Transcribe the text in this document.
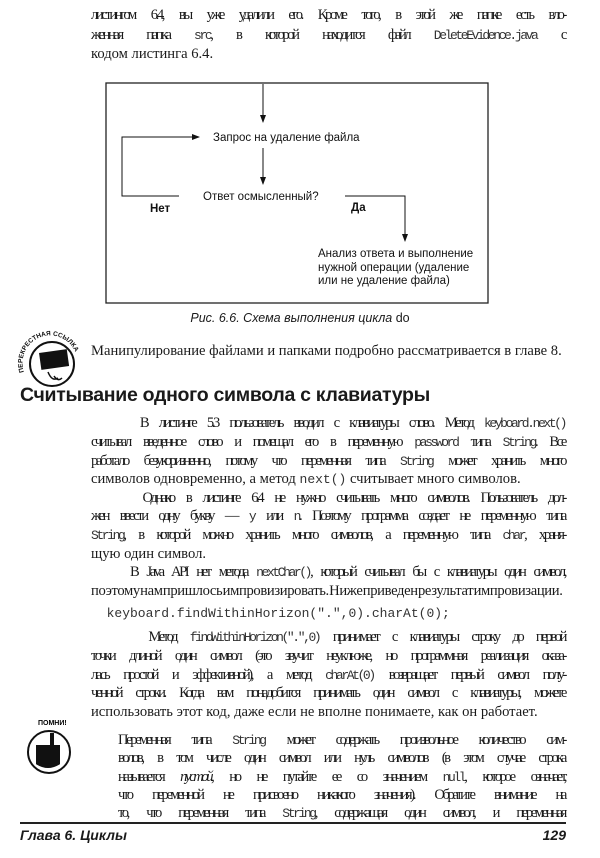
листингом 6.4, вы уже удалили его. Кроме того, в этой же папке есть вло-
женная папка src, в которой находится файл DeleteEvidence.java с
кодом листинга 6.4.
Запрос на удаление файла
Ответ осмысленный?
Нет	Да
Анализ ответа и выполнение
нужной операции (удаление
или не удаление файла)
Рис. 6.6. Схема выполнения цикла do
ПЕРЕКРЕСТНАЯ ССЫЛКА Манипулирование файлами и папками подробно рассматривается в главе 8.
Считывание одного символа с клавиатуры
В листинге 5.3 пользователь вводил с клавиатуры слово. Метод keyboard.next()
считывал введенное слово и помещал его в переменную password типа String. Все
работало безукоризненно, потому что переменная типа String может хранить много
символов одновременно, а метод next() считывает много символов.
Однако в листинге 6.4 не нужно считывать много символов. Пользователь дол-
жен ввести одну букву — y или n. Поэтому программа создает не переменную типа
String, в которой можно хранить много символов, а переменную типа char, храня-
щую один символ.
В Java API нет метода nextChar(), который считывал бы с клавиатуры один символ,
поэтому нам пришлось импровизировать. Ниже приведен результат импровизации.
keyboard.findWithinHorizon(".",0).charAt(0);
Метод findWithinHorizon(".",0) принимает с клавиатуры строку до первой
точки длиной один символ (это звучит неуклюже, но программная реализация оказа-
лась простой и эффективной), а метод charAt(0) возвращает первый символ полу-
ченной строки. Когда вам понадобится принимать один символ с клавиатуры, можете
использовать этот код, даже если не вполне понимаете, как он работает.
ПОМНИ!
Переменная типа String может содержать произвольное количество сим-
волов, в том числе один символ или нуль символов (в этом случае строка
называется пустой, но не путайте ее со значением null, которое означает,
что переменной не присвоено никакого значения). Обратите внимание на
то, что переменная типа String, содержащая один символ, и переменная
Глава 6. Циклы	129
